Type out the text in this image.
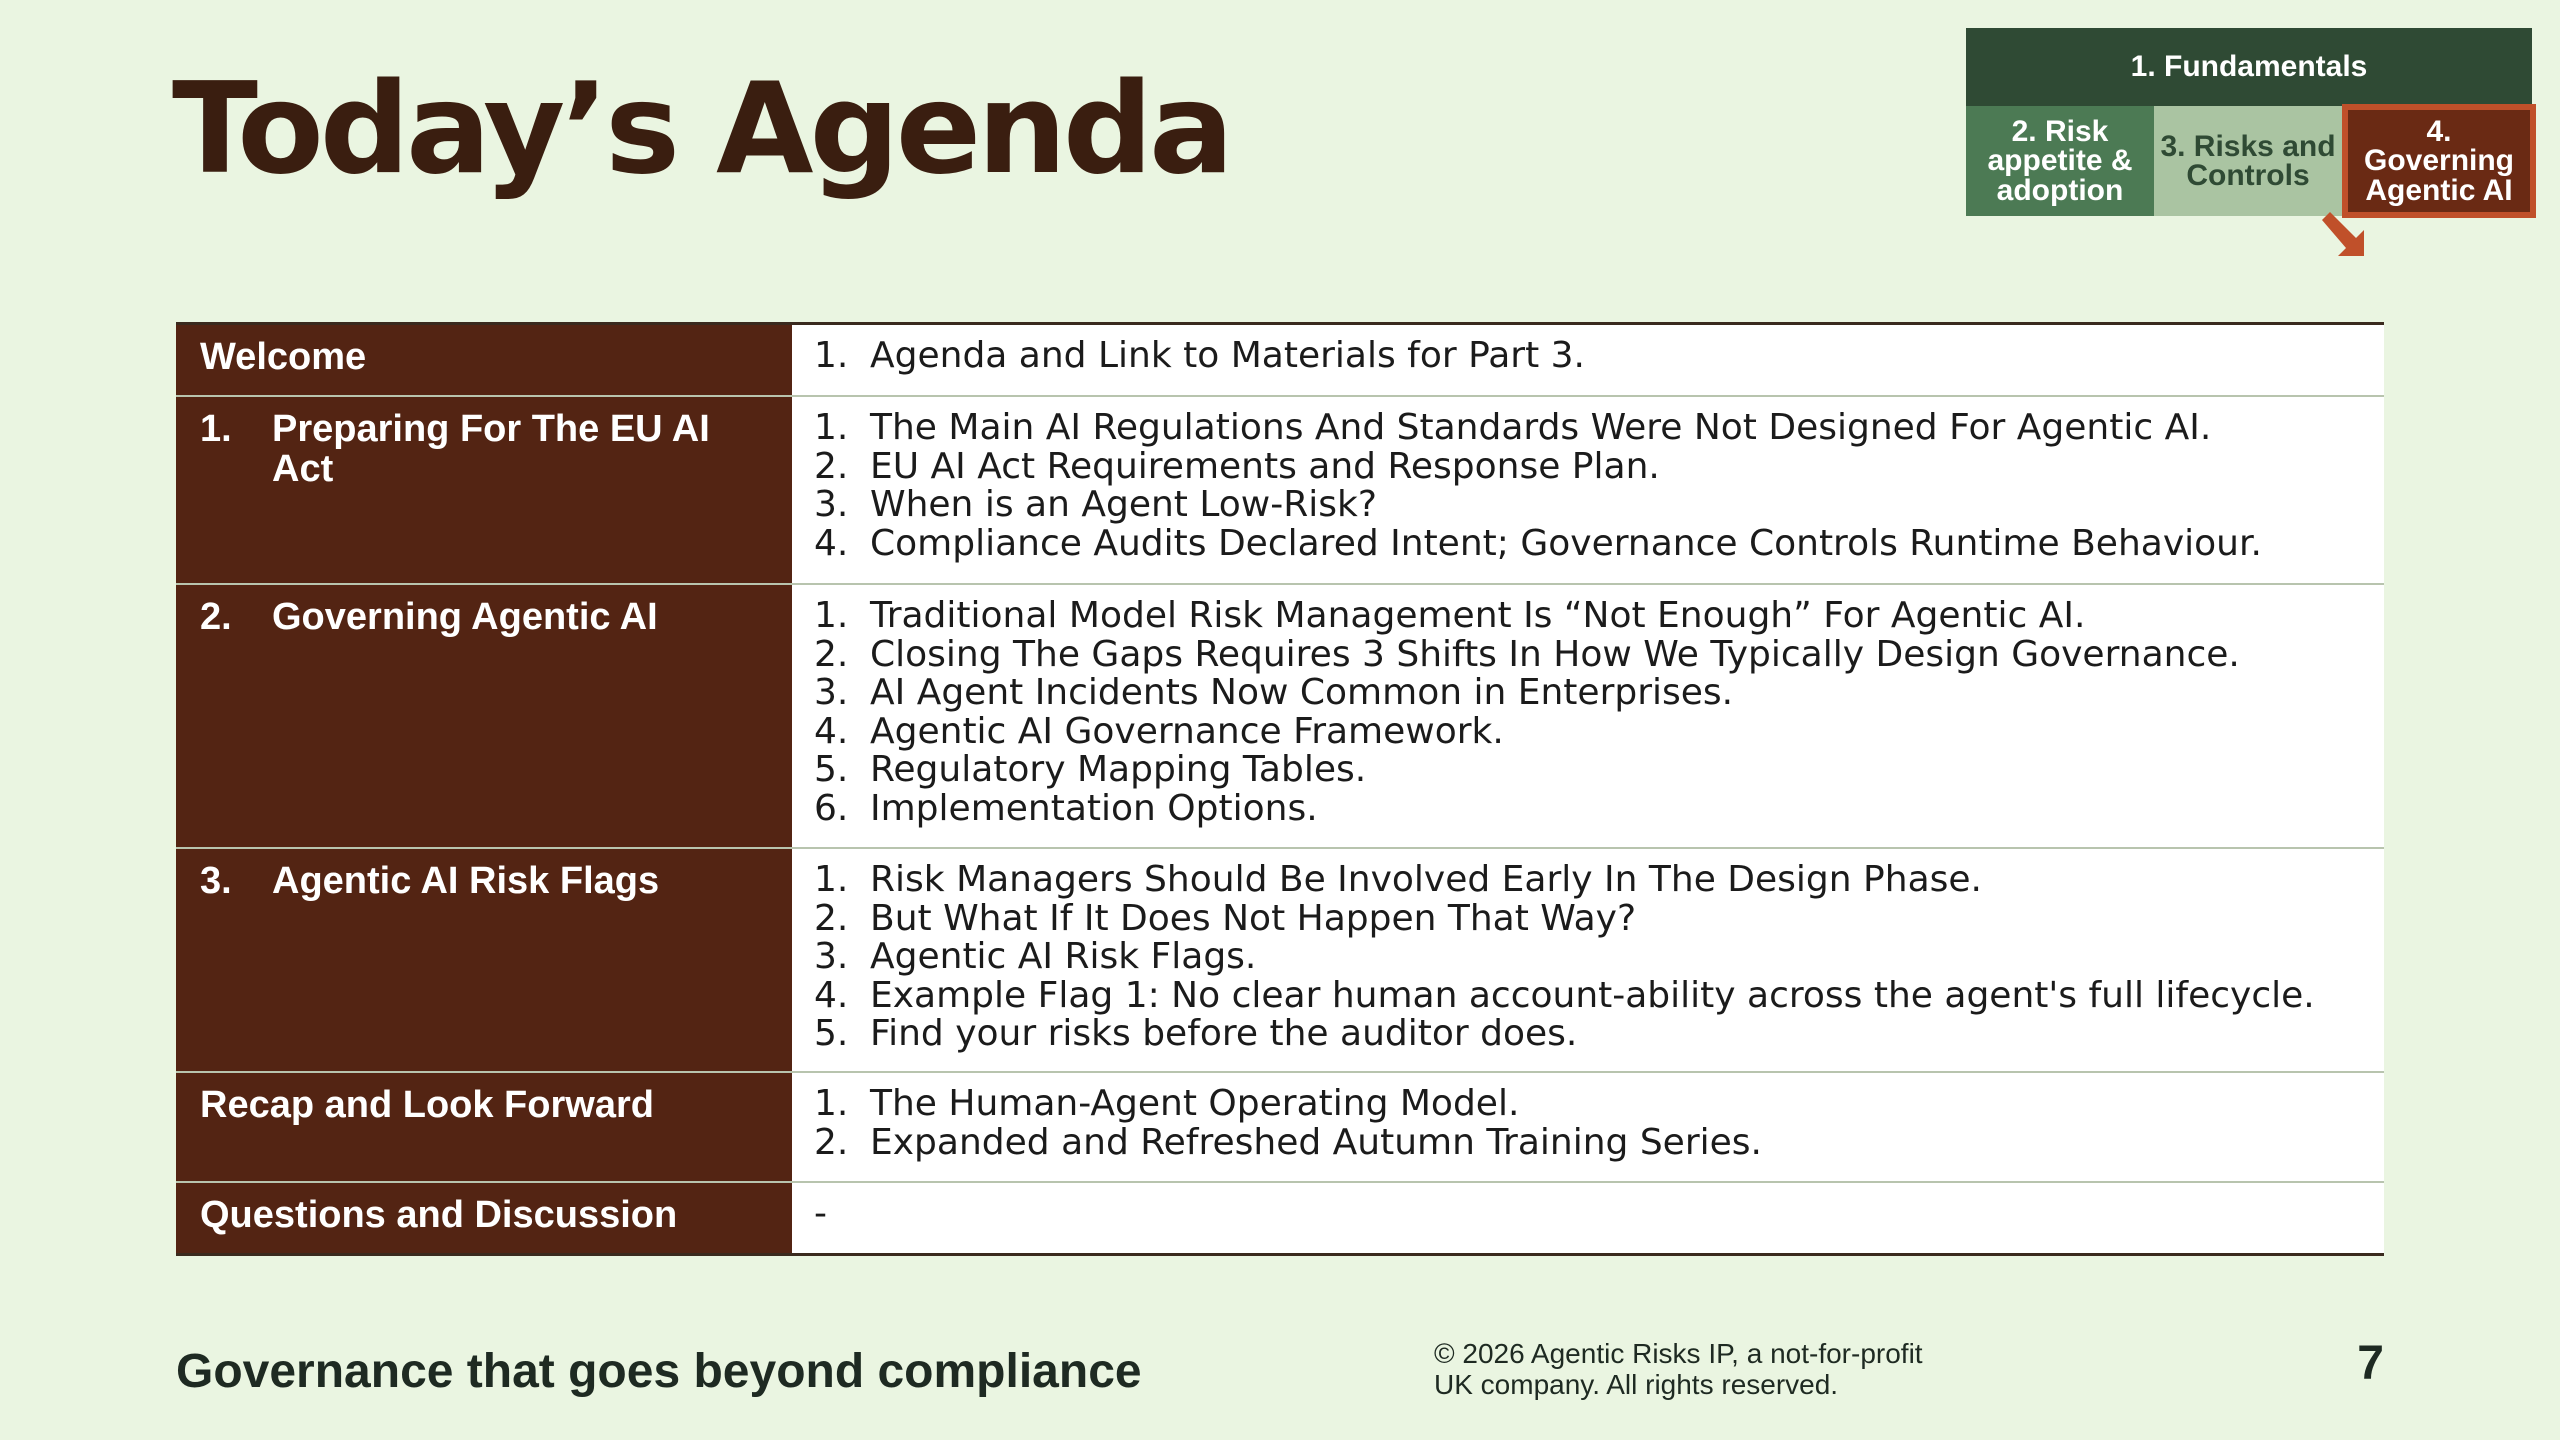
Today’s Agenda	1. Fundamentals
2. Risk
appetite &
adoption
3. Risks and
Controls
4. Governing
Agentic AI
Welcome	1. Agenda and Link to Materials for Part 3.
1.	Preparing For The EU AI
Act
1. The Main AI Regulations And Standards Were Not Designed For Agentic AI.
2. EU AI Act Requirements and Response Plan.
3. When is an Agent Low-Risk?
4. Compliance Audits Declared Intent; Governance Controls Runtime Behaviour.
2.	Governing Agentic AI	1. Traditional Model Risk Management Is “Not Enough” For Agentic AI.
2. Closing The Gaps Requires 3 Shifts In How We Typically Design Governance.
3. AI Agent Incidents Now Common in Enterprises.
4. Agentic AI Governance Framework.
5. Regulatory Mapping Tables.
6. Implementation Options.
3.	Agentic AI Risk Flags	1. Risk Managers Should Be Involved Early In The Design Phase.
2. But What If It Does Not Happen That Way?
3. Agentic AI Risk Flags.
4. Example Flag 1: No clear human account-ability across the agent's full lifecycle.
5. Find your risks before the auditor does.
Recap and Look Forward	1. The Human-Agent Operating Model.
2. Expanded and Refreshed Autumn Training Series.
Questions and Discussion	-
Governance that goes beyond compliance	© 2026 Agentic Risks IP, a not-for-profit
UK company. All rights reserved.	7
